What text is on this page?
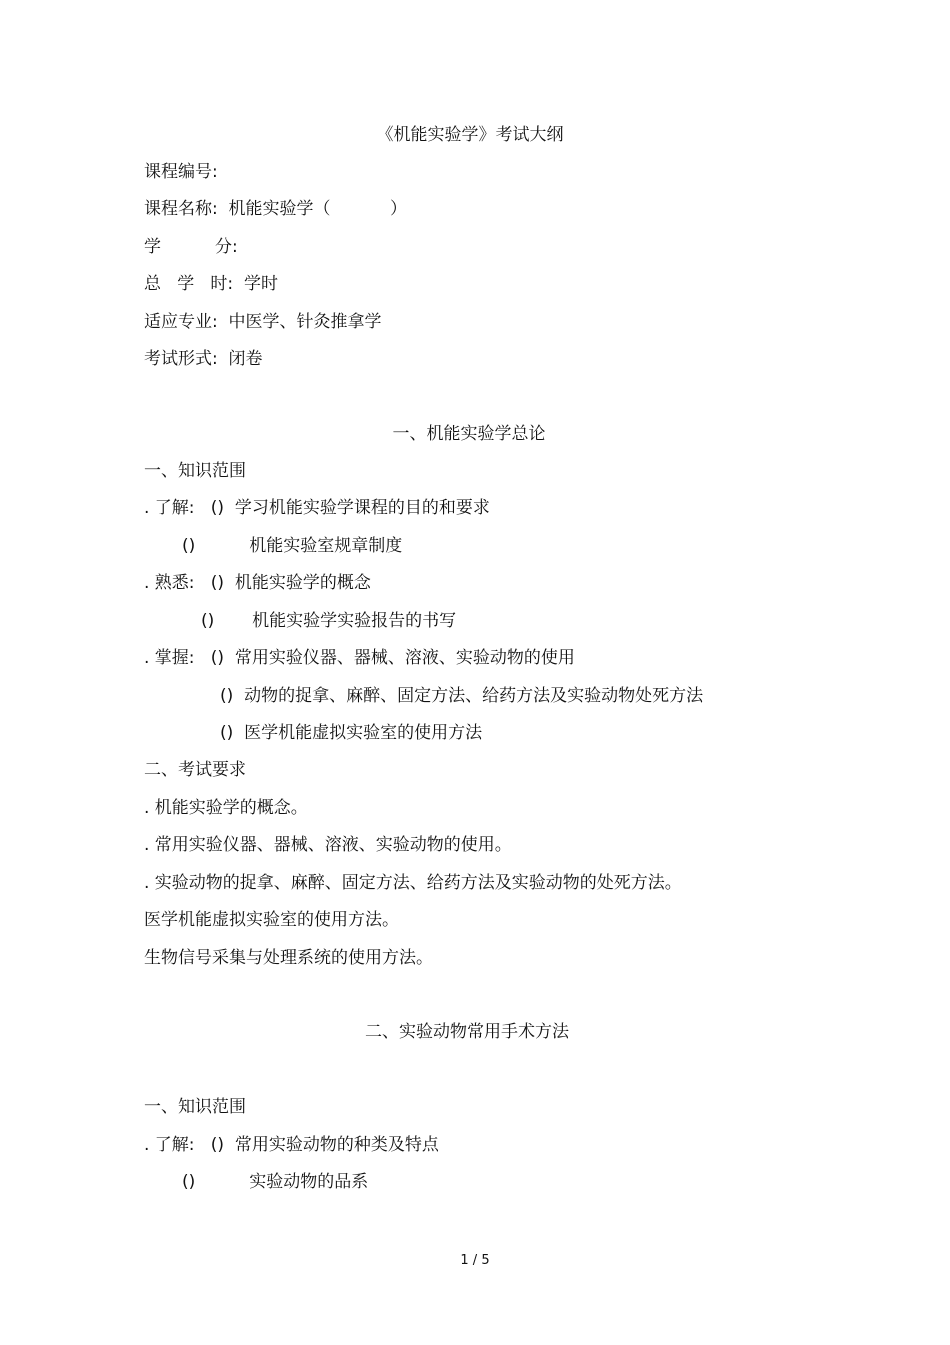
《机能实验学》考试大纲
课程编号:
课程名称:  机能实验学（           ）
学          分:
总   学   时:  学时
适应专业:  中医学、针灸推拿学
考试形式:  闭卷
一、机能实验学总论
一、知识范围
. 了解:   ()  学习机能实验学课程的目的和要求
()          机能实验室规章制度
. 熟悉:   ()  机能实验学的概念
()       机能实验学实验报告的书写
. 掌握:   ()  常用实验仪器、器械、溶液、实验动物的使用
()  动物的捉拿、麻醉、固定方法、给药方法及实验动物处死方法
()  医学机能虚拟实验室的使用方法
二、考试要求
. 机能实验学的概念。
. 常用实验仪器、器械、溶液、实验动物的使用。
. 实验动物的捉拿、麻醉、固定方法、给药方法及实验动物的处死方法。
医学机能虚拟实验室的使用方法。
生物信号采集与处理系统的使用方法。
二、实验动物常用手术方法
一、知识范围
. 了解:   ()  常用实验动物的种类及特点
()          实验动物的品系
1 / 5
